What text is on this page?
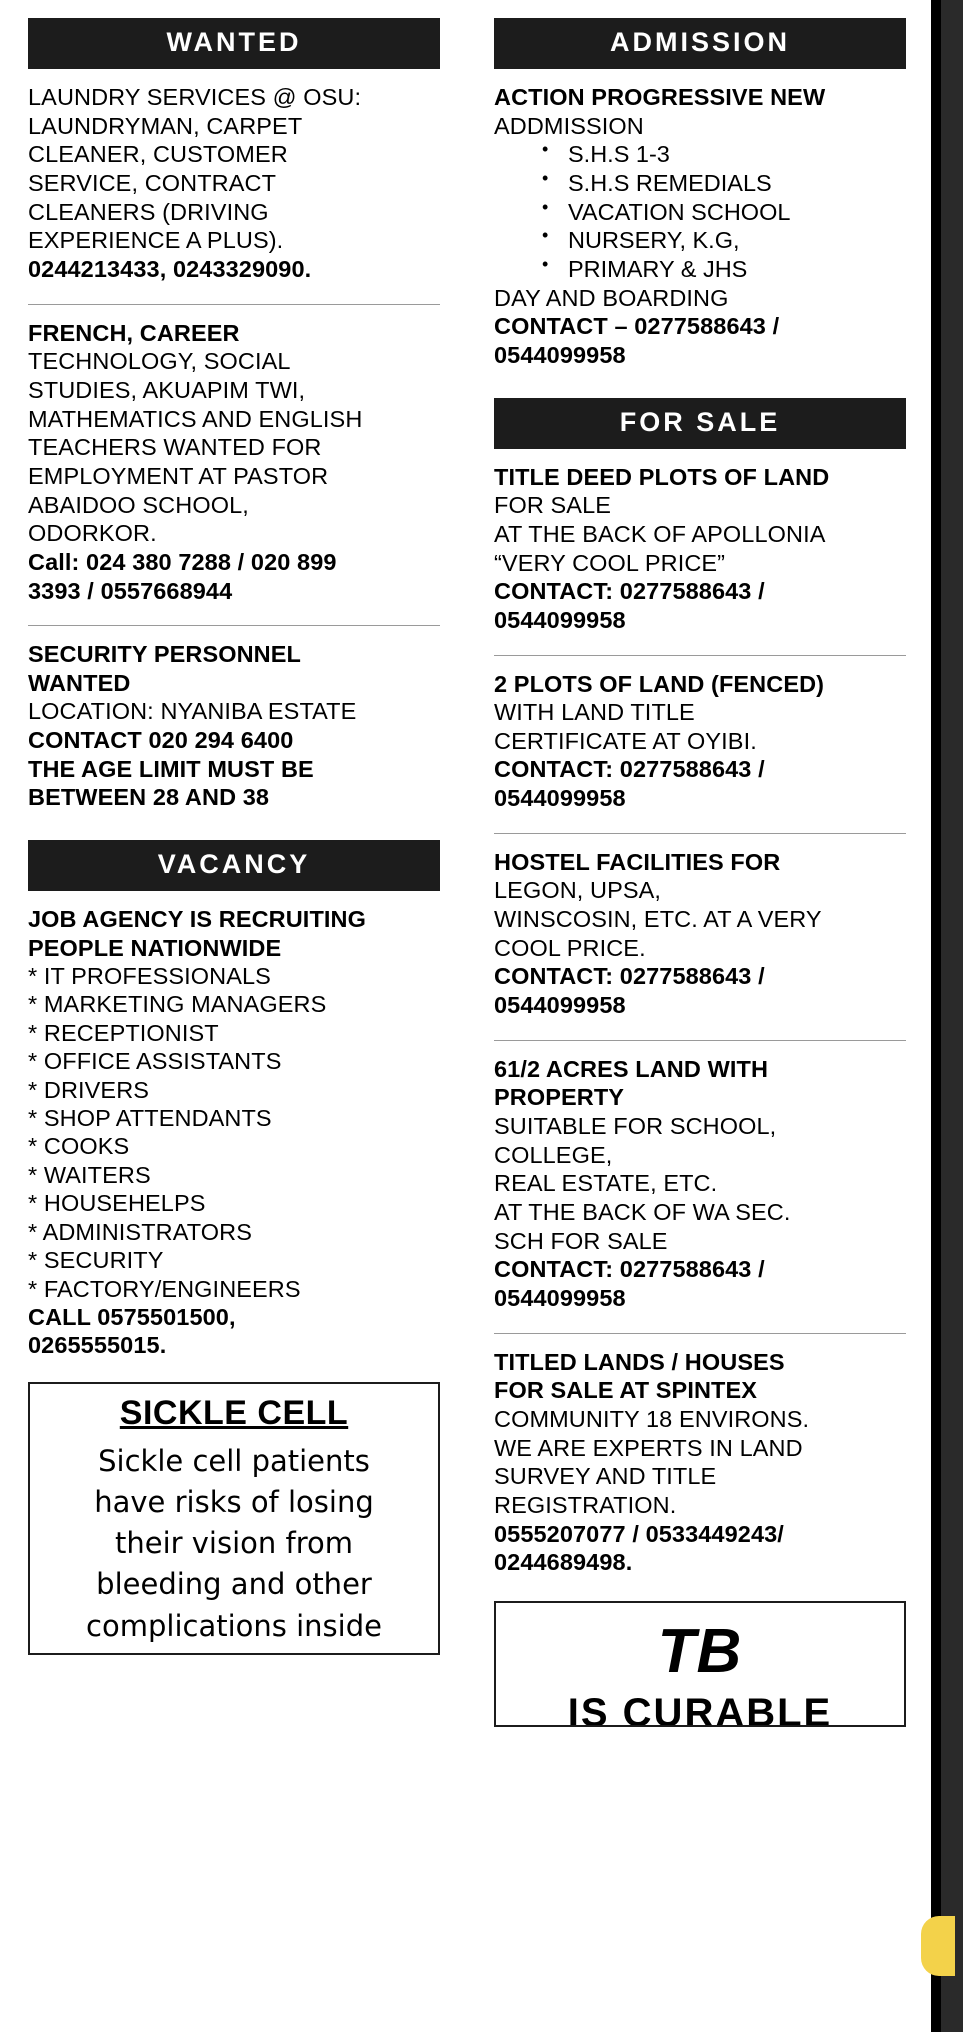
WANTED

LAUNDRY SERVICES @ OSU:

LAUNDRYMAN, CARPET

CLEANER, CUSTOMER

SERVICE, CONTRACT

CLEANERS (DRIVING

EXPERIENCE A PLUS).

0244213433, 0243329090.

FRENCH, CAREER

TECHNOLOGY, SOCIAL

STUDIES, AKUAPIM TWI,

MATHEMATICS AND ENGLISH

TEACHERS WANTED FOR

EMPLOYMENT AT PASTOR

ABAIDOO SCHOOL,

ODORKOR.

Call: 024 380 7288 / 020 899

3393 / 0557668944

SECURITY PERSONNEL

WANTED

LOCATION: NYANIBA ESTATE

CONTACT 020 294 6400

THE AGE LIMIT MUST BE

BETWEEN 28 AND 38

VACANCY

JOB AGENCY IS RECRUITING

PEOPLE NATIONWIDE

* IT PROFESSIONALS

* MARKETING MANAGERS

* RECEPTIONIST

* OFFICE ASSISTANTS

* DRIVERS

* SHOP ATTENDANTS

* COOKS

* WAITERS

* HOUSEHELPS

* ADMINISTRATORS

* SECURITY

* FACTORY/ENGINEERS

CALL 0575501500,

0265555015.

SICKLE CELL
Sickle cell patients
have risks of losing
their vision from
bleeding and other
complications inside
ADMISSION

ACTION PROGRESSIVE NEW

ADDMISSION

• S.H.S 1-3
• S.H.S REMEDIALS
• VACATION SCHOOL
• NURSERY, K.G,
• PRIMARY & JHS

DAY AND BOARDING

CONTACT – 0277588643 /

0544099958

FOR SALE

TITLE DEED PLOTS OF LAND

FOR SALE

AT THE BACK OF APOLLONIA

“VERY COOL PRICE”

CONTACT: 0277588643 /

0544099958

2 PLOTS OF LAND (FENCED)

WITH LAND TITLE

CERTIFICATE AT OYIBI.

CONTACT: 0277588643 /

0544099958

HOSTEL FACILITIES FOR

LEGON, UPSA,

WINSCOSIN, ETC. AT A VERY

COOL PRICE.

CONTACT: 0277588643 /

0544099958

61/2 ACRES LAND WITH

PROPERTY

SUITABLE FOR SCHOOL,

COLLEGE,

REAL ESTATE, ETC.

AT THE BACK OF WA SEC.

SCH FOR SALE

CONTACT: 0277588643 /

0544099958

TITLED LANDS / HOUSES

FOR SALE AT SPINTEX

COMMUNITY 18 ENVIRONS.

WE ARE EXPERTS IN LAND

SURVEY AND TITLE

REGISTRATION.

0555207077 / 0533449243/

0244689498.

TB
IS CURABLE
